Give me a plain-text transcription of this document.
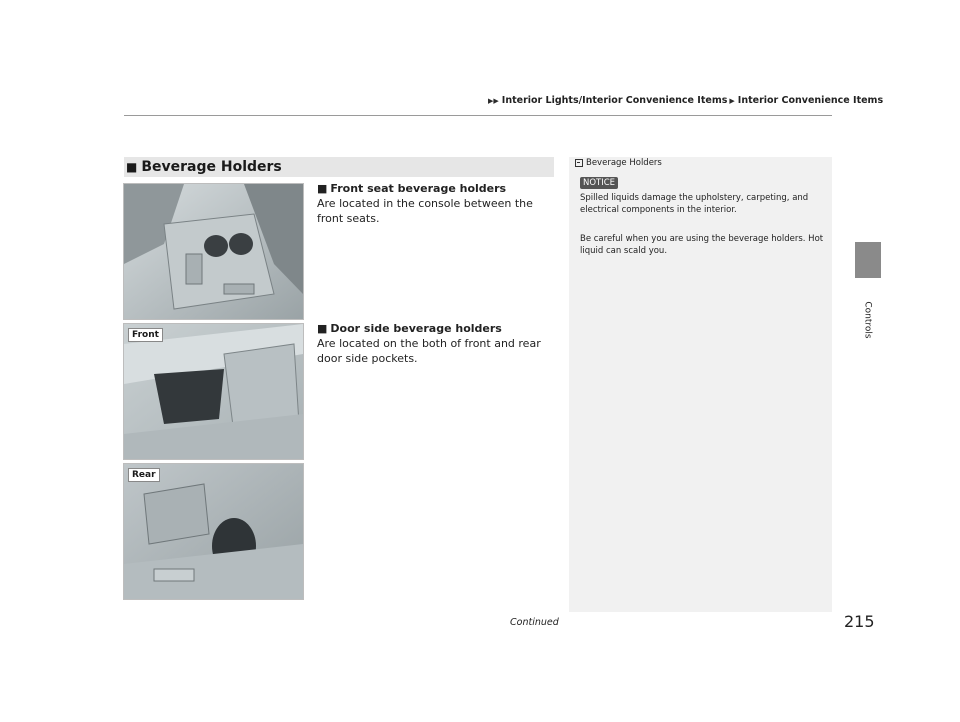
▶▶ Interior Lights/Interior Convenience Items ▶ Interior Convenience Items
Controls
■ Beverage Holders
Front
Rear
■ Front seat beverage holders
Are located in the console between the front seats.
■ Door side beverage holders
Are located on the both of front and rear door side pockets.
Beverage Holders
NOTICE
Spilled liquids damage the upholstery, carpeting, and electrical components in the interior.
Be careful when you are using the beverage holders. Hot liquid can scald you.
Continued	215
